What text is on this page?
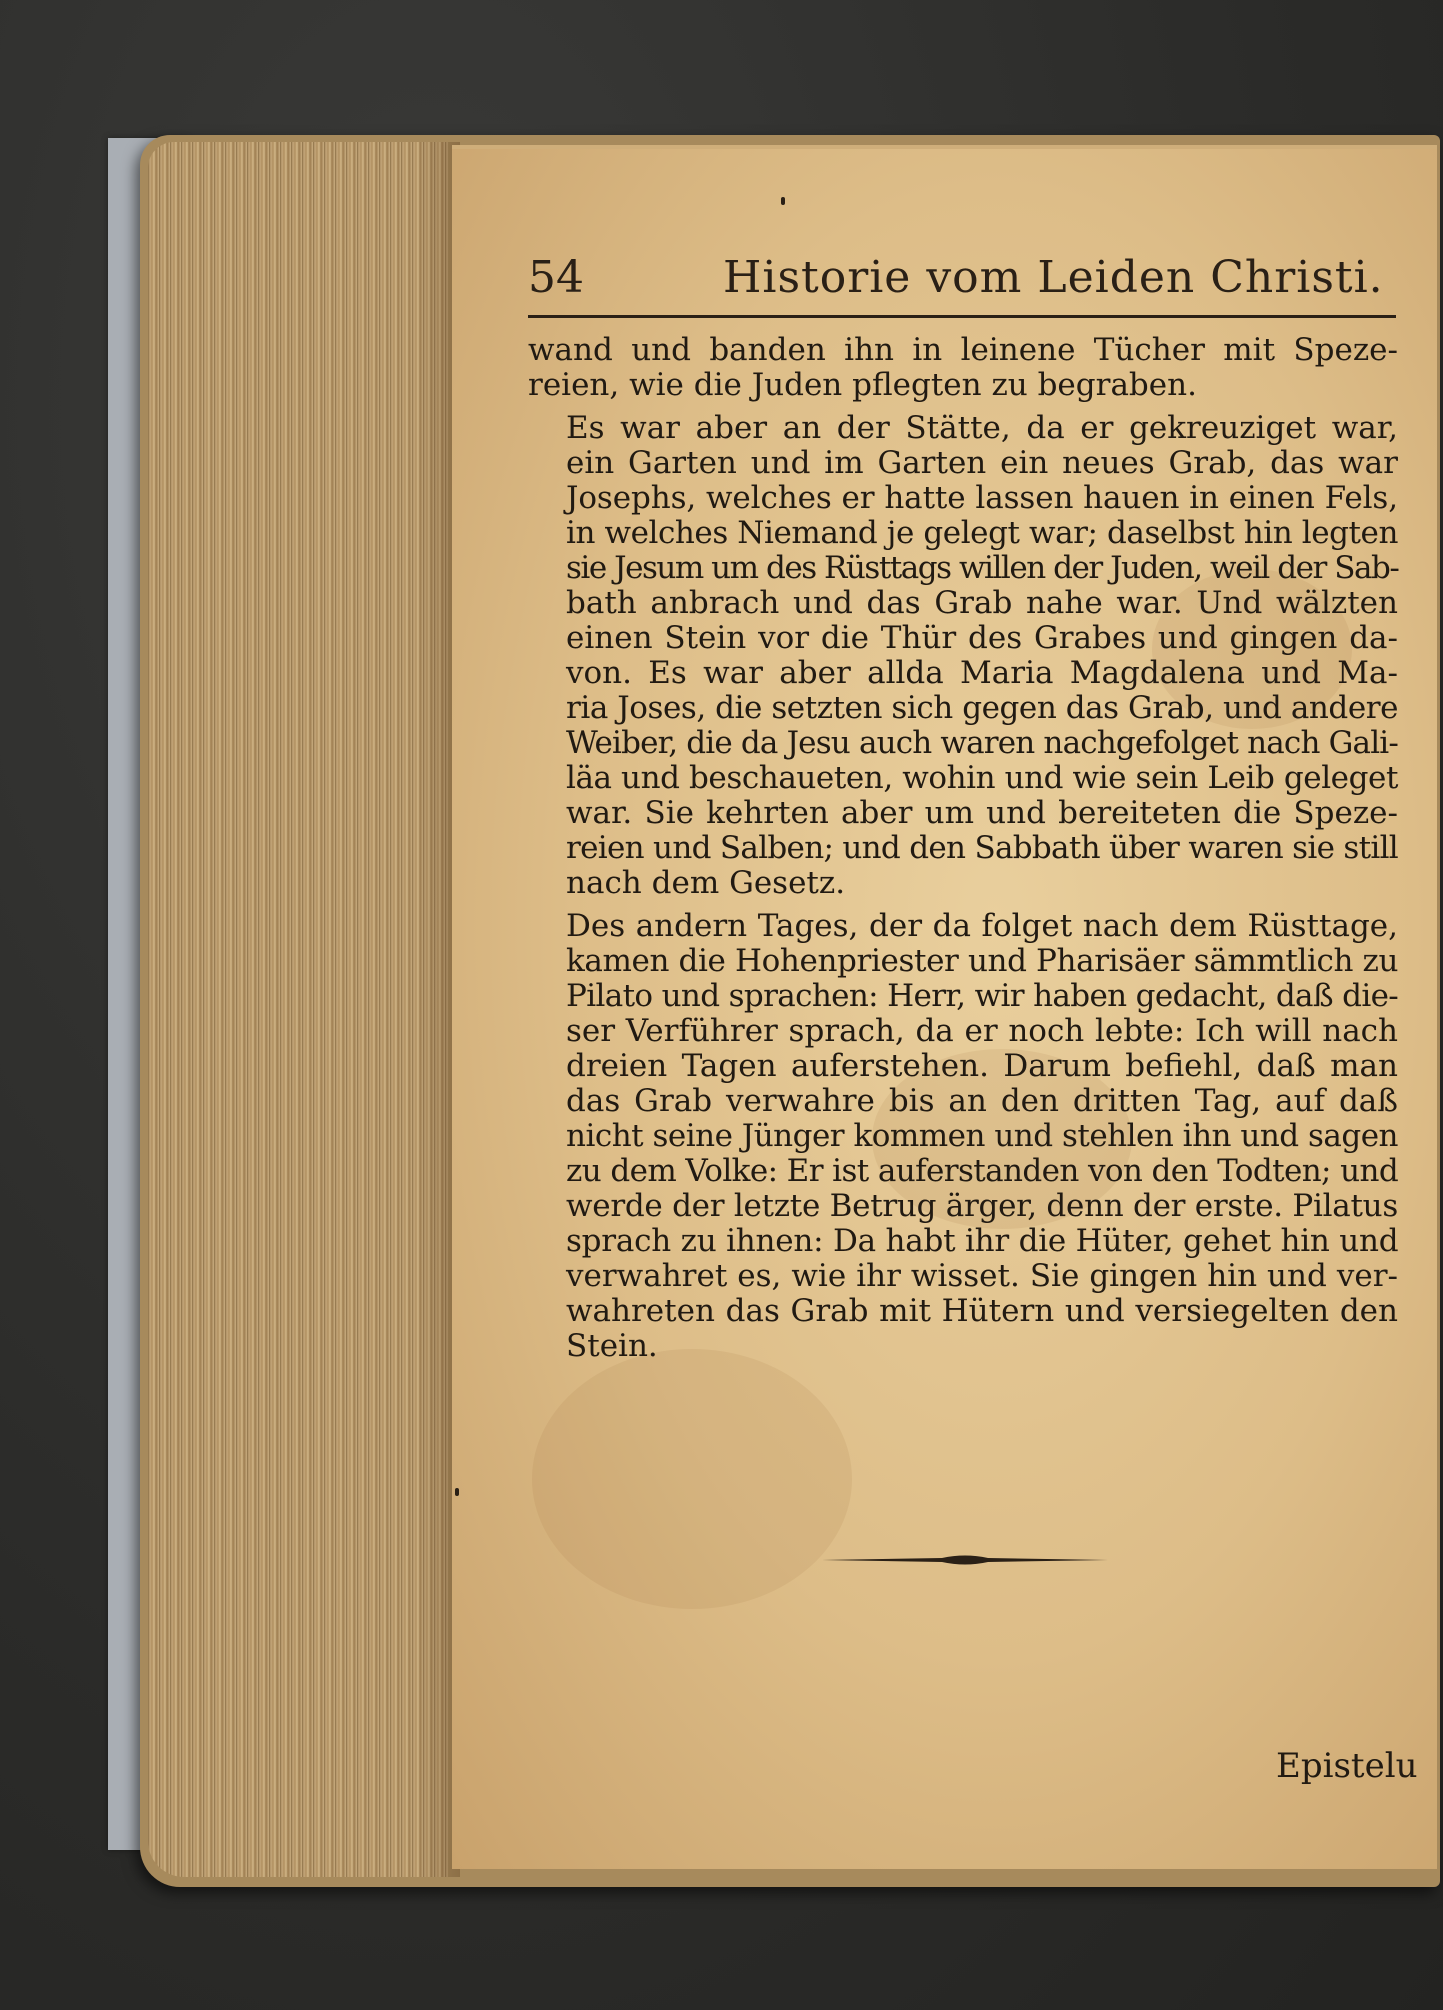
54	Historie vom Leiden Christi.
wand und banden ihn in leinene Tücher mit Speze-
reien, wie die Juden pflegten zu begraben.
Es war aber an der Stätte, da er gekreuziget war,
ein Garten und im Garten ein neues Grab, das war
Josephs, welches er hatte lassen hauen in einen Fels,
in welches Niemand je gelegt war; daselbst hin legten
sie Jesum um des Rüsttags willen der Juden, weil der Sab-
bath anbrach und das Grab nahe war. Und wälzten
einen Stein vor die Thür des Grabes und gingen da-
von. Es war aber allda Maria Magdalena und Ma-
ria Joses, die setzten sich gegen das Grab, und andere
Weiber, die da Jesu auch waren nachgefolget nach Gali-
läa und beschaueten, wohin und wie sein Leib geleget
war. Sie kehrten aber um und bereiteten die Speze-
reien und Salben; und den Sabbath über waren sie still
nach dem Gesetz.
Des andern Tages, der da folget nach dem Rüsttage,
kamen die Hohenpriester und Pharisäer sämmtlich zu
Pilato und sprachen: Herr, wir haben gedacht, daß die-
ser Verführer sprach, da er noch lebte: Ich will nach
dreien Tagen auferstehen. Darum befiehl, daß man
das Grab verwahre bis an den dritten Tag, auf daß
nicht seine Jünger kommen und stehlen ihn und sagen
zu dem Volke: Er ist auferstanden von den Todten; und
werde der letzte Betrug ärger, denn der erste. Pilatus
sprach zu ihnen: Da habt ihr die Hüter, gehet hin und
verwahret es, wie ihr wisset. Sie gingen hin und ver-
wahreten das Grab mit Hütern und versiegelten den
Stein.
Epistelu
